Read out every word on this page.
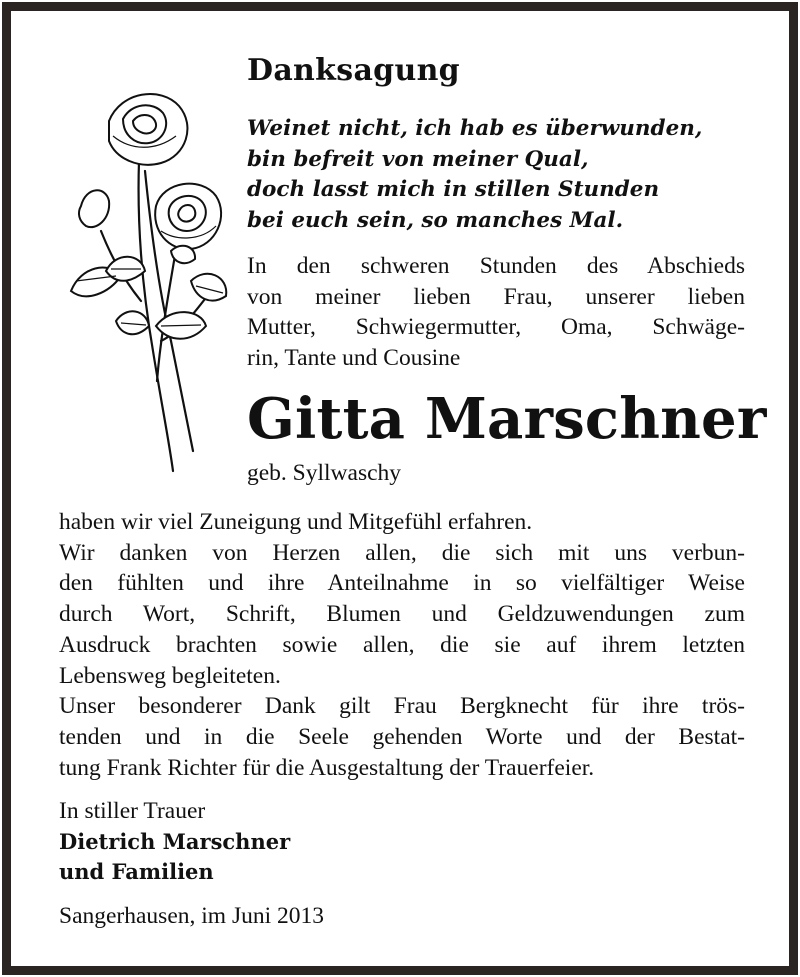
Danksagung
Weinet nicht, ich hab es überwunden,
bin befreit von meiner Qual,
doch lasst mich in stillen Stunden
bei euch sein, so manches Mal.
In den schweren Stunden des Abschieds
von meiner lieben Frau, unserer lieben
Mutter, Schwiegermutter, Oma, Schwäge-
rin, Tante und Cousine
Gitta Marschner
geb. Syllwaschy
haben wir viel Zuneigung und Mitgefühl erfahren.
Wir danken von Herzen allen, die sich mit uns verbun-
den fühlten und ihre Anteilnahme in so vielfältiger Weise
durch Wort, Schrift, Blumen und Geldzuwendungen zum
Ausdruck brachten sowie allen, die sie auf ihrem letzten
Lebensweg begleiteten.
Unser besonderer Dank gilt Frau Bergknecht für ihre trös-
tenden und in die Seele gehenden Worte und der Bestat-
tung Frank Richter für die Ausgestaltung der Trauerfeier.
In stiller Trauer
Dietrich Marschner
und Familien
Sangerhausen, im Juni 2013
